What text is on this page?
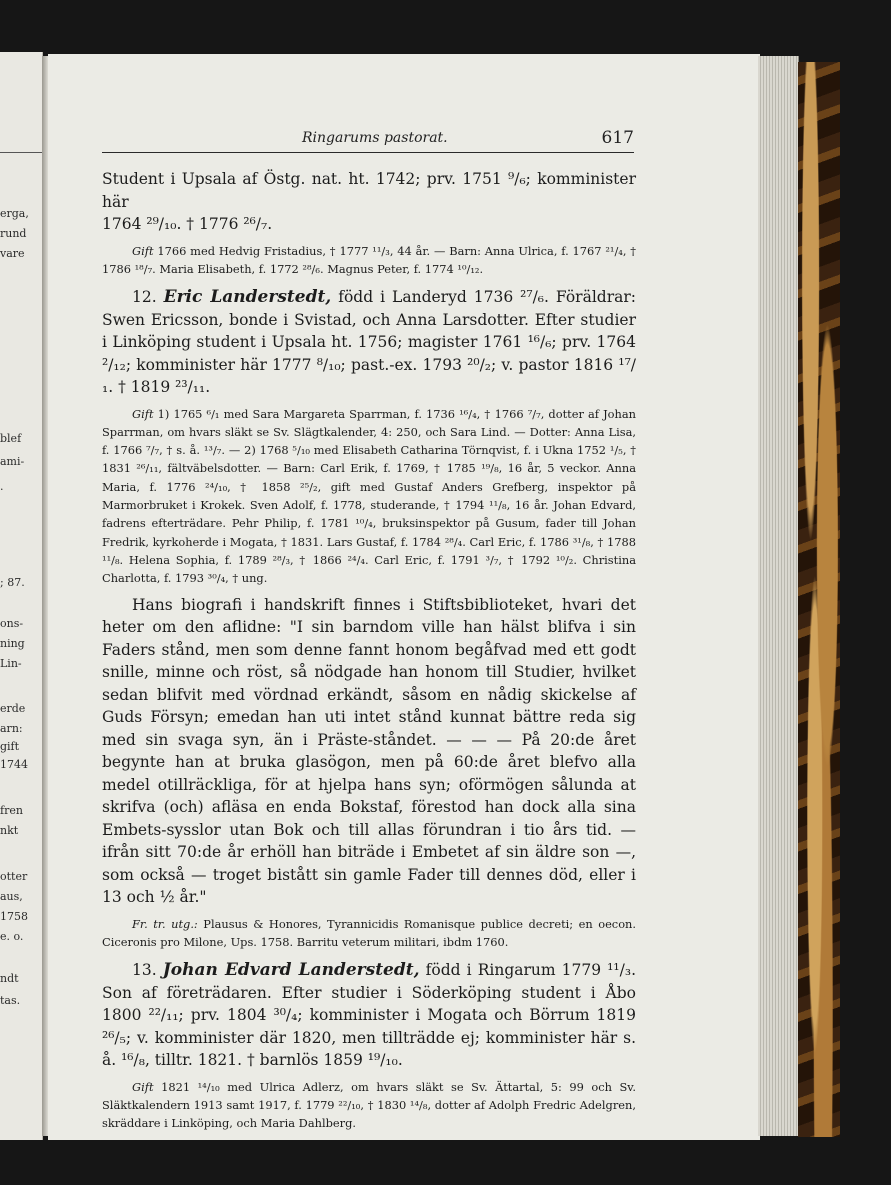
erga,
rund
vare
blef
ami-
.
; 87.
ons-
ning
Lin-
erde
arn:
gift
1744
fren
nkt
otter
aus,
1758
e. o.
ndt
tas.
Ringarums pastorat.	617

Student i Upsala af Östg. nat. ht. 1742; prv. 1751 ⁹/₆; komminister här

1764 ²⁹/₁₀. † 1776 ²⁶/₇.

Gift 1766 med Hedvig Fristadius, † 1777 ¹¹/₃, 44 år. — Barn: Anna Ulrica, f. 1767 ²¹/₄, † 1786 ¹⁸/₇. Maria Elisabeth, f. 1772 ²⁸/₆. Magnus Peter, f. 1774 ¹⁰/₁₂.

12. Eric Landerstedt, född i Landeryd 1736 ²⁷/₆. Föräldrar: Swen Ericsson, bonde i Svistad, och Anna Larsdotter. Efter studier i Linköping student i Upsala ht. 1756; magister 1761 ¹⁶/₆; prv. 1764 ²/₁₂; komminister här 1777 ⁸/₁₀; past.-ex. 1793 ²⁰/₂; v. pastor 1816 ¹⁷/₁. † 1819 ²³/₁₁.

Gift 1) 1765 ⁶/₁ med Sara Margareta Sparrman, f. 1736 ¹⁶/₄, † 1766 ⁷/₇, dotter af Johan Sparrman, om hvars släkt se Sv. Slägtkalender, 4: 250, och Sara Lind. — Dotter: Anna Lisa, f. 1766 ⁷/₇, † s. å. ¹³/₇. — 2) 1768 ⁵/₁₀ med Elisabeth Catharina Törnqvist, f. i Ukna 1752 ¹/₅, † 1831 ²⁶/₁₁, fältväbelsdotter. — Barn: Carl Erik, f. 1769, † 1785 ¹⁹/₈, 16 år, 5 veckor. Anna Maria, f. 1776 ²⁴/₁₀, † 1858 ²⁵/₂, gift med Gustaf Anders Grefberg, inspektor på Marmorbruket i Krokek. Sven Adolf, f. 1778, studerande, † 1794 ¹¹/₈, 16 år. Johan Edvard, fadrens efterträdare. Pehr Philip, f. 1781 ¹⁰/₄, bruksinspektor på Gusum, fader till Johan Fredrik, kyrkoherde i Mogata, † 1831. Lars Gustaf, f. 1784 ²⁸/₄. Carl Eric, f. 1786 ³¹/₈, † 1788 ¹¹/₈. Helena Sophia, f. 1789 ²⁸/₃, † 1866 ²⁴/₄. Carl Eric, f. 1791 ³/₇, † 1792 ¹⁰/₂. Christina Charlotta, f. 1793 ³⁰/₄, † ung.

Hans biografi i handskrift finnes i Stiftsbiblioteket, hvari det heter om den aflidne: "I sin barndom ville han hälst blifva i sin Faders stånd, men som denne fannt honom begåfvad med ett godt snille, minne och röst, så nödgade han honom till Studier, hvilket sedan blifvit med vördnad erkändt, såsom en nådig skickelse af Guds Försyn; emedan han uti intet stånd kunnat bättre reda sig med sin svaga syn, än i Präste-ståndet. — — — På 20:de året begynte han at bruka glasögon, men på 60:de året blefvo alla medel otillräckliga, för at hjelpa hans syn; oförmögen sålunda at skrifva (och) afläsa en enda Bokstaf, förestod han dock alla sina Embets-sysslor utan Bok och till allas förundran i tio års tid. — ifrån sitt 70:de år erhöll han biträde i Embetet af sin äldre son —, som också — troget bistått sin gamle Fader till dennes död, eller i 13 och ½ år."

Fr. tr. utg.: Plausus & Honores, Tyrannicidis Romanisque publice decreti; en oecon. Ciceronis pro Milone, Ups. 1758. Barritu veterum militari, ibdm 1760.

13. Johan Edvard Landerstedt, född i Ringarum 1779 ¹¹/₃. Son af företrädaren. Efter studier i Söderköping student i Åbo 1800 ²²/₁₁; prv. 1804 ³⁰/₄; komminister i Mogata och Börrum 1819 ²⁶/₅; v. komminister där 1820, men tillträdde ej; komminister här s. å. ¹⁶/₈, tilltr. 1821. † barnlös 1859 ¹⁹/₁₀.

Gift 1821 ¹⁴/₁₀ med Ulrica Adlerz, om hvars släkt se Sv. Ättartal, 5: 99 och Sv. Släktkalendern 1913 samt 1917, f. 1779 ²²/₁₀, † 1830 ¹⁴/₈, dotter af Adolph Fredric Adelgren, skräddare i Linköping, och Maria Dahlberg.
